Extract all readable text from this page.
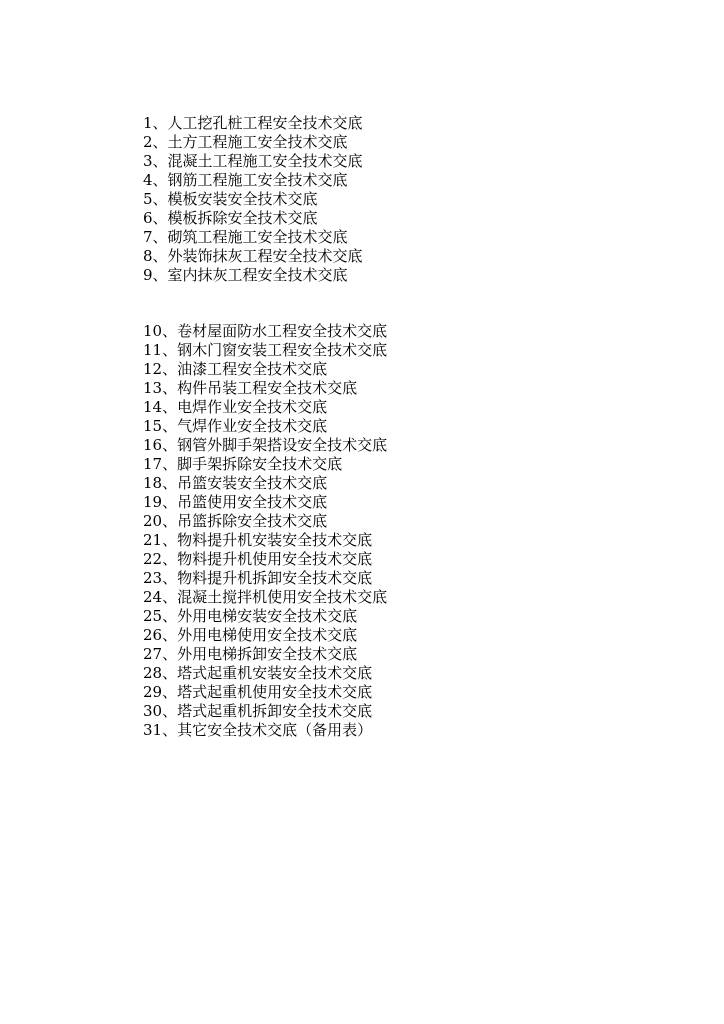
1、人工挖孔桩工程安全技术交底
2、土方工程施工安全技术交底
3、混凝土工程施工安全技术交底
4、钢筋工程施工安全技术交底
5、模板安装安全技术交底
6、模板拆除安全技术交底
7、砌筑工程施工安全技术交底
8、外装饰抹灰工程安全技术交底
9、室内抹灰工程安全技术交底
10、卷材屋面防水工程安全技术交底
11、钢木门窗安装工程安全技术交底
12、油漆工程安全技术交底
13、构件吊装工程安全技术交底
14、电焊作业安全技术交底
15、气焊作业安全技术交底
16、钢管外脚手架搭设安全技术交底
17、脚手架拆除安全技术交底
18、吊篮安装安全技术交底
19、吊篮使用安全技术交底
20、吊篮拆除安全技术交底
21、物料提升机安装安全技术交底
22、物料提升机使用安全技术交底
23、物料提升机拆卸安全技术交底
24、混凝土搅拌机使用安全技术交底
25、外用电梯安装安全技术交底
26、外用电梯使用安全技术交底
27、外用电梯拆卸安全技术交底
28、塔式起重机安装安全技术交底
29、塔式起重机使用安全技术交底
30、塔式起重机拆卸安全技术交底
31、其它安全技术交底（备用表）
